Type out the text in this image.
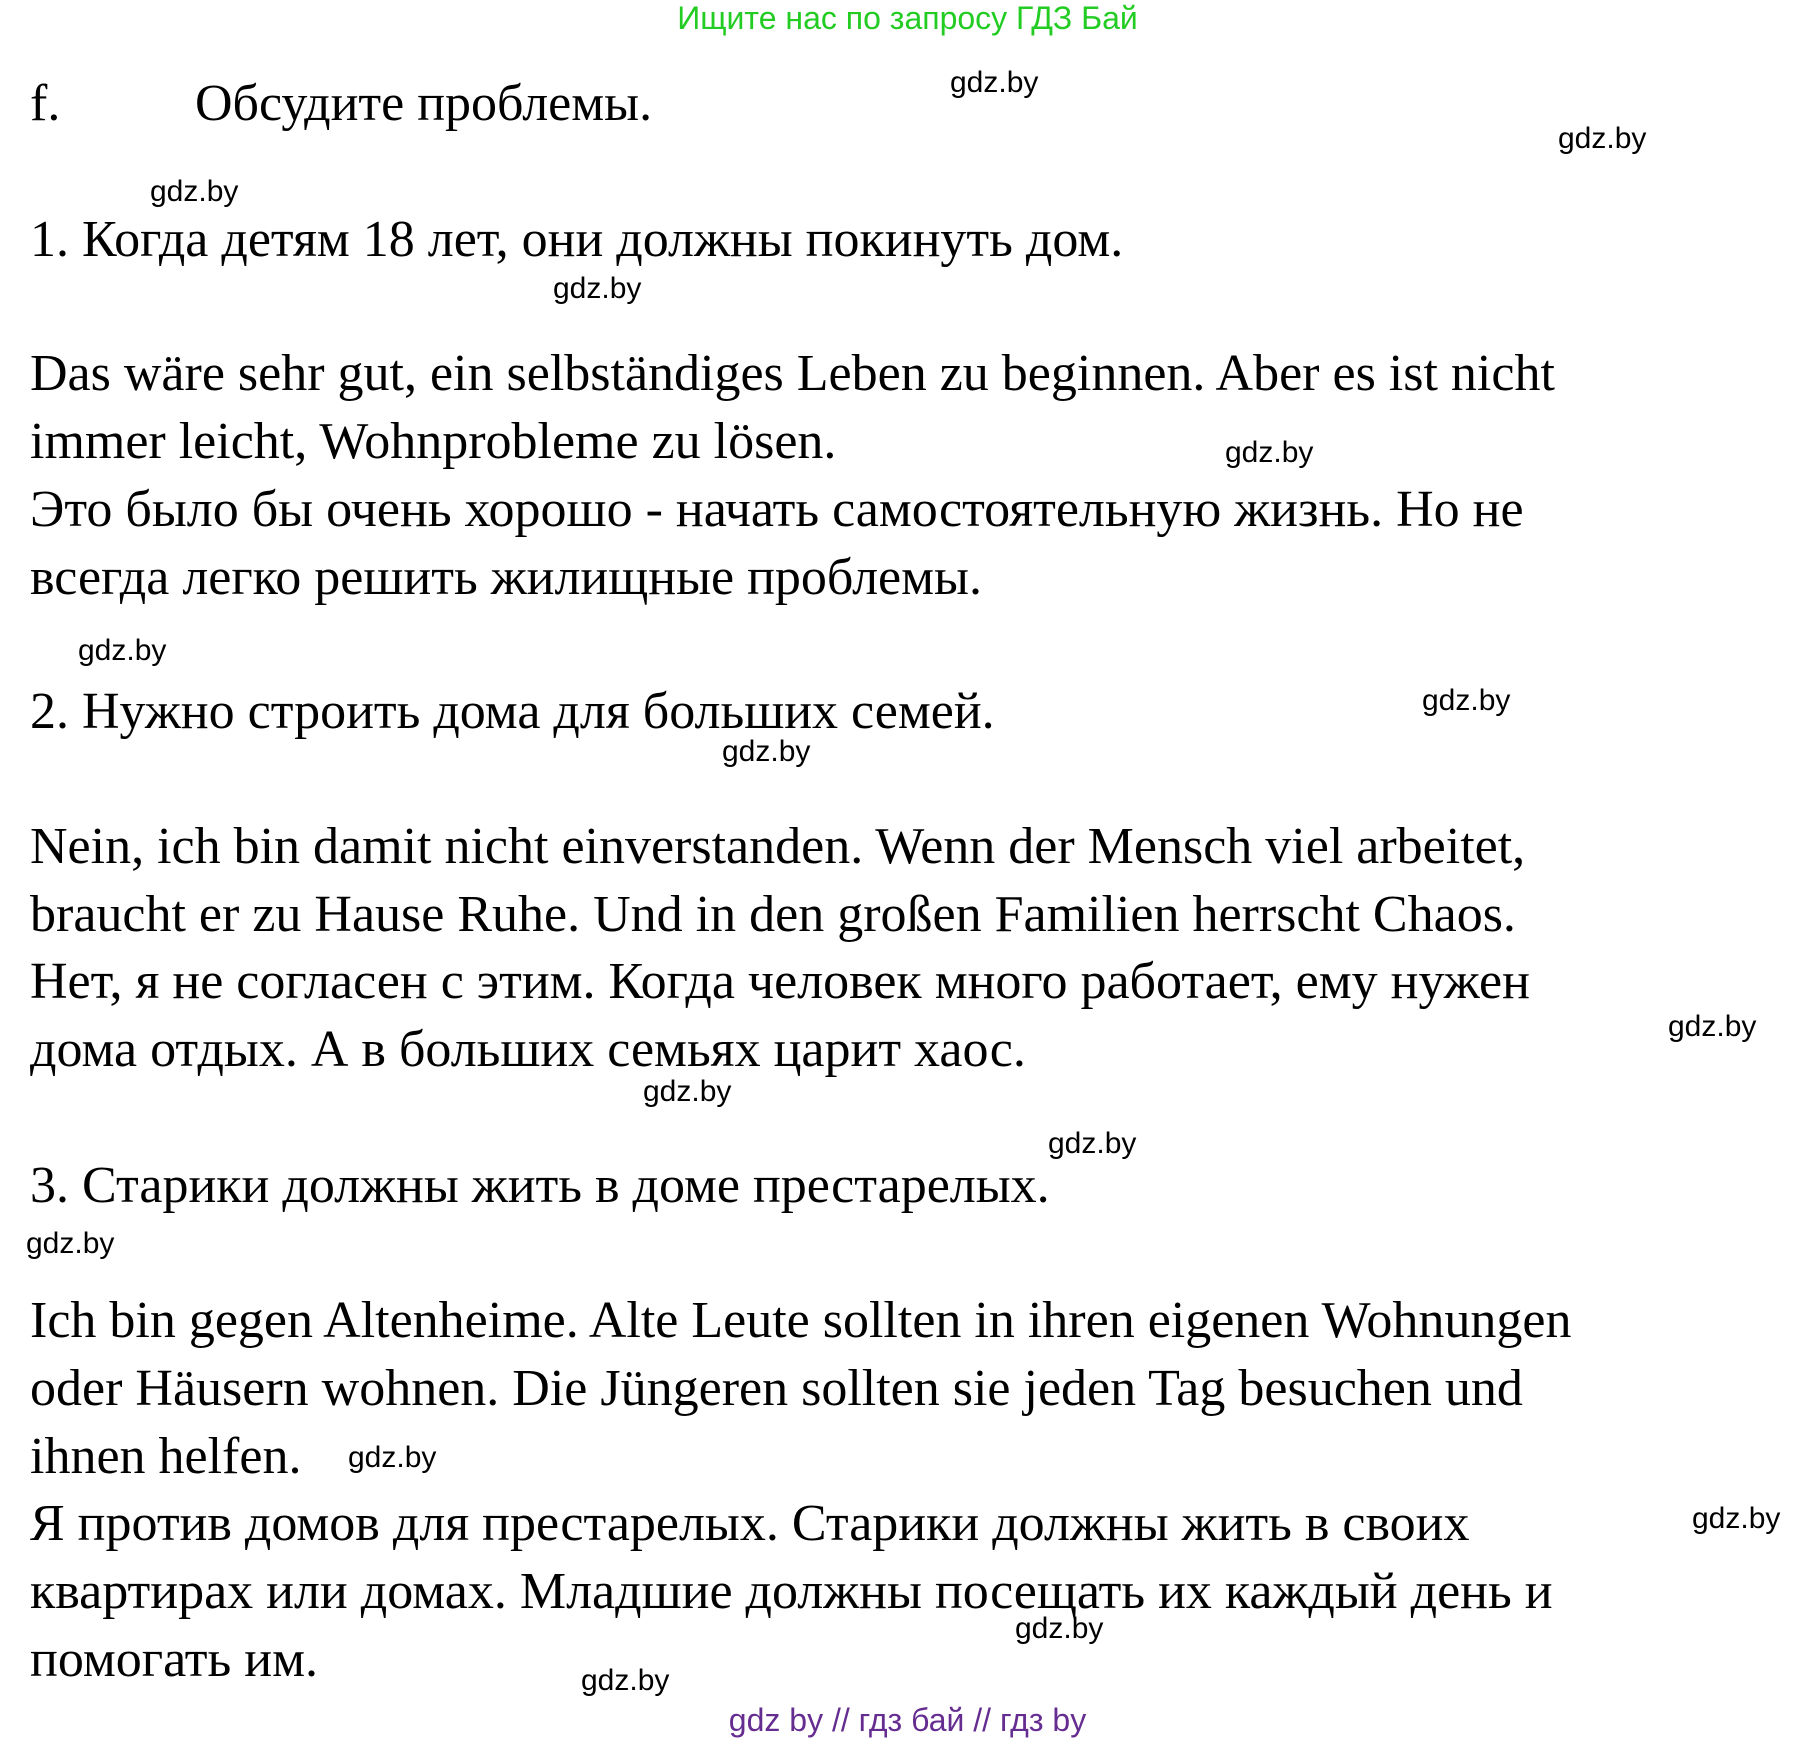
Ищите нас по запросу ГДЗ Бай
f.	Обсудите проблемы.
1. Когда детям 18 лет, они должны покинуть дом.
Das wäre sehr gut, ein selbständiges Leben zu beginnen. Aber es ist nicht
immer leicht, Wohnprobleme zu lösen.
Это было бы очень хорошо - начать самостоятельную жизнь. Но не
всегда легко решить жилищные проблемы.
2. Нужно строить дома для больших семей.
Nein, ich bin damit nicht einverstanden. Wenn der Mensch viel arbeitet,
braucht er zu Hause Ruhe. Und in den großen Familien herrscht Chaos.
Нет, я не согласен с этим. Когда человек много работает, ему нужен
дома отдых. А в больших семьях царит хаос.
3. Старики должны жить в доме престарелых.
Ich bin gegen Altenheime. Alte Leute sollten in ihren eigenen Wohnungen
oder Häusern wohnen. Die Jüngeren sollten sie jeden Tag besuchen und
ihnen helfen.
Я против домов для престарелых. Старики должны жить в своих
квартирах или домах. Младшие должны посещать их каждый день и
помогать им.
gdz.by
gdz.by
gdz.by
gdz.by
gdz.by
gdz.by
gdz.by
gdz.by
gdz.by
gdz.by
gdz.by
gdz.by
gdz.by
gdz.by
gdz.by
gdz.by
gdz by // гдз бай // гдз by
